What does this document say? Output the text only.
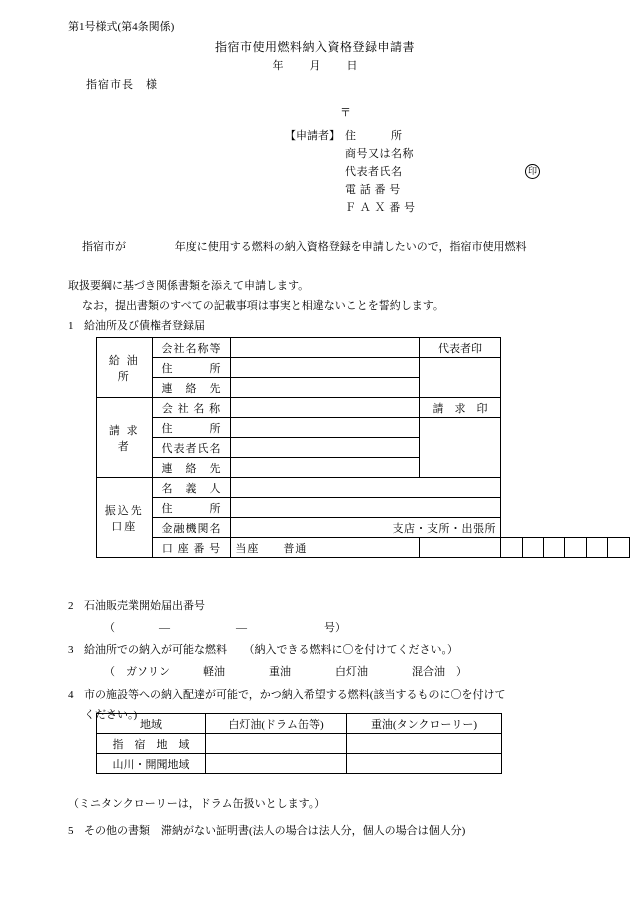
第1号様式(第4条関係)
指宿市使用燃料納入資格登録申請書
年 月 日
指宿市長　様
〒
【申請者】 住　　　所
商号又は名称
代表者氏名
電 話 番 号
Ｆ Ａ Ｘ 番 号
印
指宿市が	年度に使用する燃料の納入資格登録を申請したいので，指宿市使用燃料
取扱要綱に基づき関係書類を添えて申請します。
なお，提出書類のすべての記載事項は事実と相違ないことを誓約します。
1 給油所及び債権者登録届
給 油 所	会社名称等		代表者印						
	住　　　所								
	連　絡　先								
請 求 者	会 社 名 称		請　求　印						
	住　　　所								
	代表者氏名								
	連　絡　先								
振込先口座	名　義　人								
	住　　　所								
	金融機関名	支店・支所・出張所							
	口 座 番 号	当座　　普通							
2 石油販売業開始届出番号
（　　　　―　　　　　　―　　　　　　　号）
3 給油所での納入が可能な燃料　　（納入できる燃料に〇を付けてください。）
（　ガソリン　　　軽油　　　　重油　　　　白灯油　　　　混合油　）
4 市の施設等への納入配達が可能で，かつ納入希望する燃料(該当するものに〇を付けて
ください。)
地域	白灯油(ドラム缶等)	重油(タンクローリー)
指　宿　地　域		
山川・開聞地域		
（ミニタンクローリーは，ドラム缶扱いとします。）
5 その他の書類　滞納がない証明書(法人の場合は法人分，個人の場合は個人分)
